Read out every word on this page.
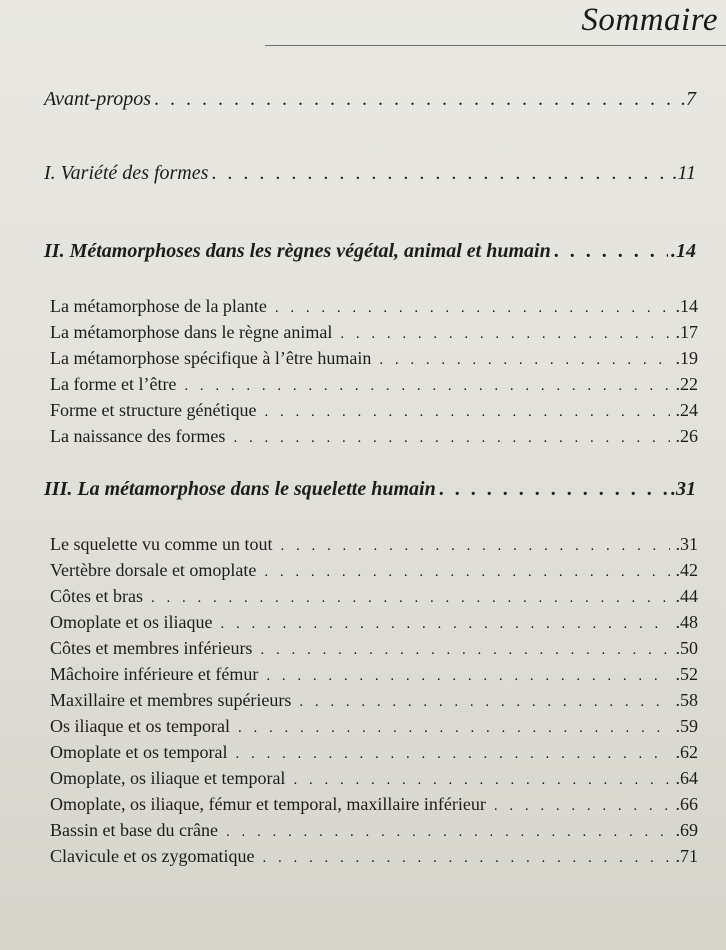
Sommaire
Avant-propos . . .	.7
I. Variété des formes . . .	.11
II. Métamorphoses dans les règnes végétal, animal et humain . . .	.14
La métamorphose de la plante . . .	.14
La métamorphose dans le règne animal . . .	.17
La métamorphose spécifique à l’être humain . . .	.19
La forme et l’être . . .	.22
Forme et structure génétique . . .	.24
La naissance des formes . . .	.26
III. La métamorphose dans le squelette humain . . .	.31
Le squelette vu comme un tout . . .	.31
Vertèbre dorsale et omoplate . . .	.42
Côtes et bras . . .	.44
Omoplate et os iliaque . . .	.48
Côtes et membres inférieurs . . .	.50
Mâchoire inférieure et fémur . . .	.52
Maxillaire et membres supérieurs . . .	.58
Os iliaque et os temporal . . .	.59
Omoplate et os temporal . . .	.62
Omoplate, os iliaque et temporal . . .	.64
Omoplate, os iliaque, fémur et temporal, maxillaire inférieur . . .	.66
Bassin et base du crâne . . .	.69
Clavicule et os zygomatique . . .	.71
